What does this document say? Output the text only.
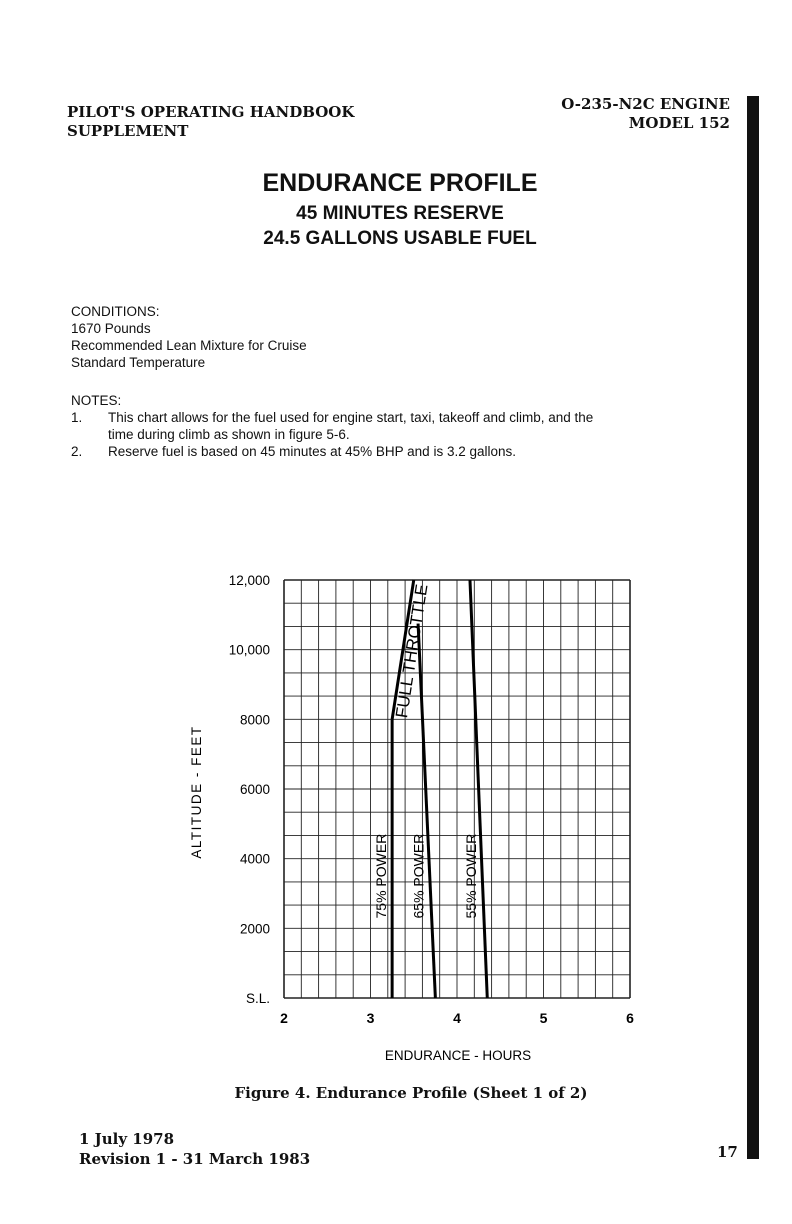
PILOT'S OPERATING HANDBOOK
SUPPLEMENT
O-235-N2C ENGINE
MODEL 152
ENDURANCE PROFILE
45 MINUTES RESERVE
24.5 GALLONS USABLE FUEL
CONDITIONS:
1670 Pounds
Recommended Lean Mixture for Cruise
Standard Temperature
NOTES:
1.	This chart allows for the fuel used for engine start, taxi, takeoff and climb, and the
time during climb as shown in figure 5-6.
2.	Reserve fuel is based on 45 minutes at 45% BHP and is 3.2 gallons.
S.L.
2000
4000
6000
8000
10,000
12,000
2	3	4	5	6
FULL THROTTLE
75% POWER 65% POWER	55% POWER
ENDURANCE - HOURS
ALTITUDE - FEET
Figure 4. Endurance Profile (Sheet 1 of 2)
1 July 1978
Revision 1 - 31 March 1983	17
